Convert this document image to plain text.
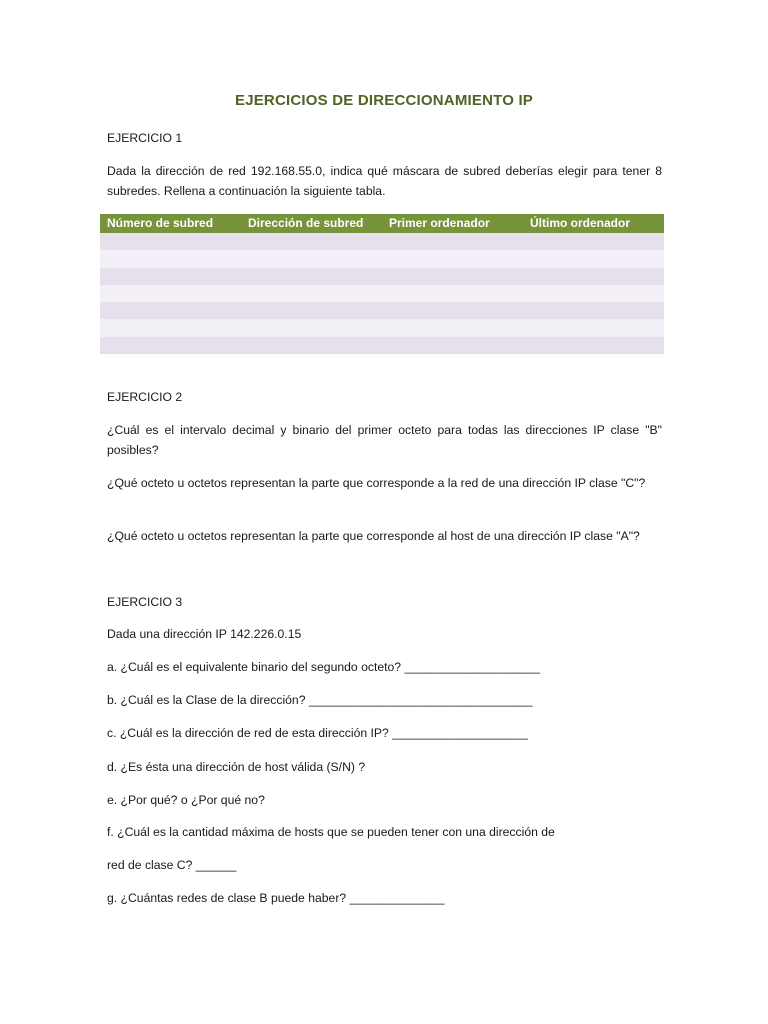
EJERCICIOS DE DIRECCIONAMIENTO IP
EJERCICIO 1
Dada la dirección de red 192.168.55.0, indica qué máscara de subred deberías elegir para tener 8 subredes. Rellena a continuación la siguiente tabla.
Número de subred	Dirección de subred	Primer ordenador	Último ordenador

EJERCICIO 2
¿Cuál es el intervalo decimal y binario del primer octeto para todas las direcciones IP clase "B" posibles?
¿Qué octeto u octetos representan la parte que corresponde a la red de una dirección IP clase "C"?
¿Qué octeto u octetos representan la parte que corresponde al host de una dirección IP clase "A"?
EJERCICIO 3
Dada una dirección IP 142.226.0.15
a. ¿Cuál es el equivalente binario del segundo octeto? ____________________
b. ¿Cuál es la Clase de la dirección? _________________________________
c. ¿Cuál es la dirección de red de esta dirección IP? ____________________
d. ¿Es ésta una dirección de host válida (S/N) ?
e. ¿Por qué? o ¿Por qué no?
f. ¿Cuál es la cantidad máxima de hosts que se pueden tener con una dirección de
red de clase C? ______
g. ¿Cuántas redes de clase B puede haber? ______________
